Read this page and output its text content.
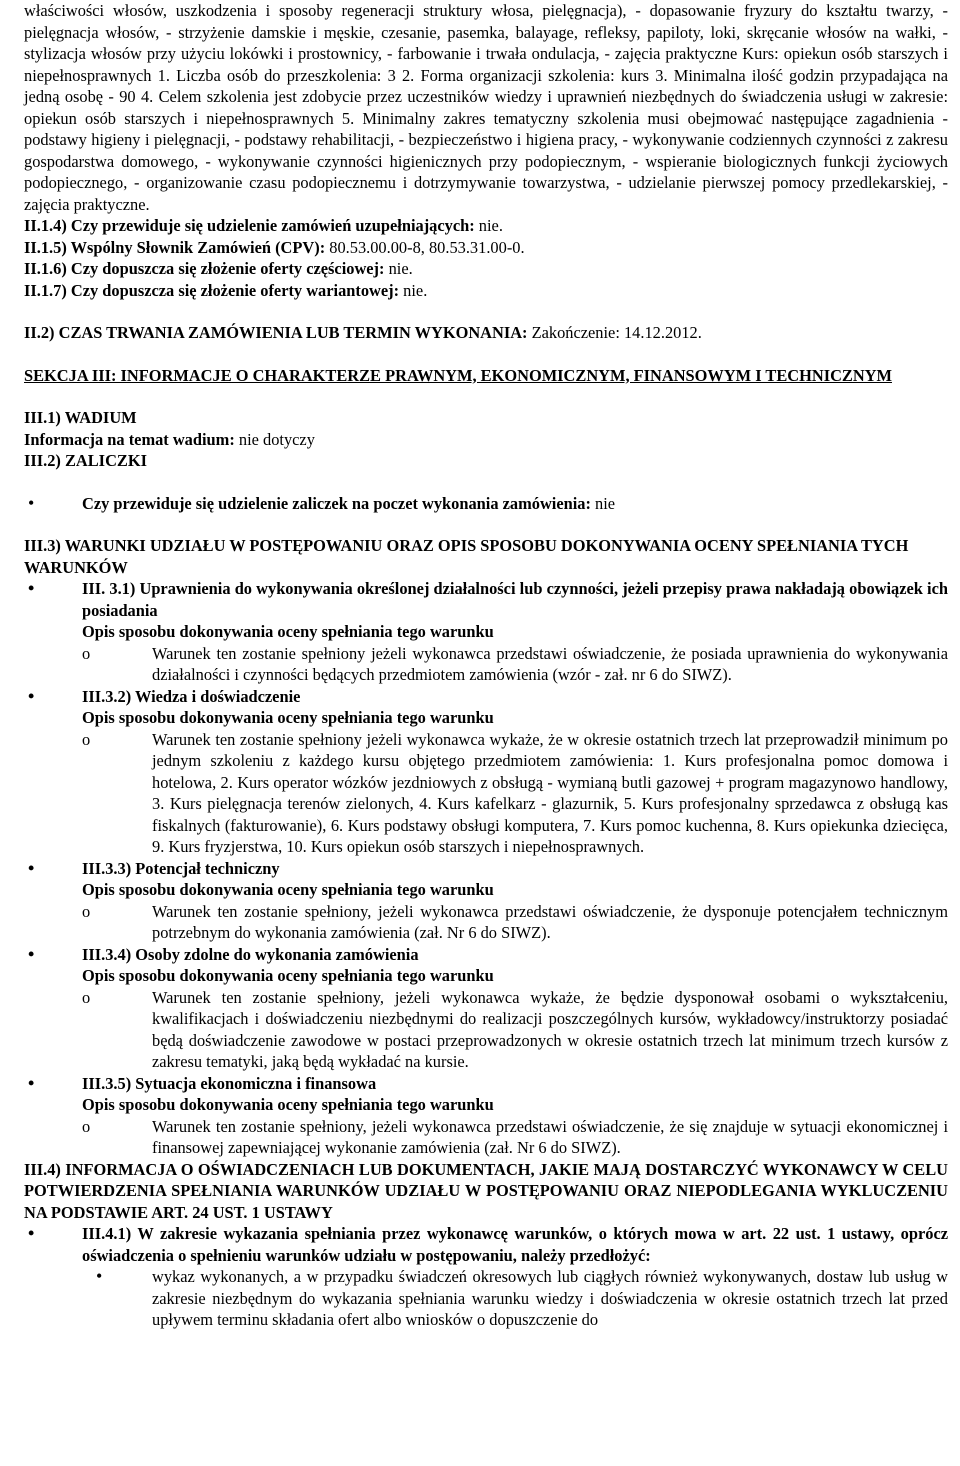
właściwości włosów, uszkodzenia i sposoby regeneracji struktury włosa, pielęgnacja), - dopasowanie fryzury do kształtu twarzy, - pielęgnacja włosów, - strzyżenie damskie i męskie, czesanie, pasemka, balayage, refleksy, papiloty, loki, skręcanie włosów na wałki, - stylizacja włosów przy użyciu lokówki i prostownicy, - farbowanie i trwała ondulacja, - zajęcia praktyczne Kurs: opiekun osób starszych i niepełnosprawnych 1. Liczba osób do przeszkolenia: 3 2. Forma organizacji szkolenia: kurs 3. Minimalna ilość godzin przypadająca na jedną osobę - 90 4. Celem szkolenia jest zdobycie przez uczestników wiedzy i uprawnień niezbędnych do świadczenia usługi w zakresie: opiekun osób starszych i niepełnosprawnych 5. Minimalny zakres tematyczny szkolenia musi obejmować następujące zagadnienia - podstawy higieny i pielęgnacji, - podstawy rehabilitacji, - bezpieczeństwo i higiena pracy, - wykonywanie codziennych czynności z zakresu gospodarstwa domowego, - wykonywanie czynności higienicznych przy podopiecznym, - wspieranie biologicznych funkcji życiowych podopiecznego, - organizowanie czasu podopiecznemu i dotrzymywanie towarzystwa, - udzielanie pierwszej pomocy przedlekarskiej, - zajęcia praktyczne.

II.1.4) Czy przewiduje się udzielenie zamówień uzupełniających: nie.

II.1.5) Wspólny Słownik Zamówień (CPV): 80.53.00.00-8, 80.53.31.00-0.

II.1.6) Czy dopuszcza się złożenie oferty częściowej: nie.

II.1.7) Czy dopuszcza się złożenie oferty wariantowej: nie.

II.2) CZAS TRWANIA ZAMÓWIENIA LUB TERMIN WYKONANIA: Zakończenie: 14.12.2012.

SEKCJA III: INFORMACJE O CHARAKTERZE PRAWNYM, EKONOMICZNYM, FINANSOWYM I TECHNICZNYM

III.1) WADIUM

Informacja na temat wadium: nie dotyczy

III.2) ZALICZKI

• Czy przewiduje się udzielenie zaliczek na poczet wykonania zamówienia: nie

III.3) WARUNKI UDZIAŁU W POSTĘPOWANIU ORAZ OPIS SPOSOBU DOKONYWANIA OCENY SPEŁNIANIA TYCH WARUNKÓW

• III. 3.1) Uprawnienia do wykonywania określonej działalności lub czynności, jeżeli przepisy prawa nakładają obowiązek ich posiadania

Opis sposobu dokonywania oceny spełniania tego warunku

o	Warunek ten zostanie spełniony jeżeli wykonawca przedstawi oświadczenie, że posiada uprawnienia do wykonywania działalności i czynności będących przedmiotem zamówienia (wzór - zał. nr 6 do SIWZ).

• III.3.2) Wiedza i doświadczenie

Opis sposobu dokonywania oceny spełniania tego warunku

o	Warunek ten zostanie spełniony jeżeli wykonawca wykaże, że w okresie ostatnich trzech lat przeprowadził minimum po jednym szkoleniu z każdego kursu objętego przedmiotem zamówienia: 1. Kurs profesjonalna pomoc domowa i hotelowa, 2. Kurs operator wózków jezdniowych z obsługą - wymianą butli gazowej + program magazynowo handlowy, 3. Kurs pielęgnacja terenów zielonych, 4. Kurs kafelkarz - glazurnik, 5. Kurs profesjonalny sprzedawca z obsługą kas fiskalnych (fakturowanie), 6. Kurs podstawy obsługi komputera, 7. Kurs pomoc kuchenna, 8. Kurs opiekunka dziecięca, 9. Kurs fryzjerstwa, 10. Kurs opiekun osób starszych i niepełnosprawnych.

• III.3.3) Potencjał techniczny

Opis sposobu dokonywania oceny spełniania tego warunku

o	Warunek ten zostanie spełniony, jeżeli wykonawca przedstawi oświadczenie, że dysponuje potencjałem technicznym potrzebnym do wykonania zamówienia (zał. Nr 6 do SIWZ).

• III.3.4) Osoby zdolne do wykonania zamówienia

Opis sposobu dokonywania oceny spełniania tego warunku

o	Warunek ten zostanie spełniony, jeżeli wykonawca wykaże, że będzie dysponował osobami o wykształceniu, kwalifikacjach i doświadczeniu niezbędnymi do realizacji poszczególnych kursów, wykładowcy/instruktorzy posiadać będą doświadczenie zawodowe w postaci przeprowadzonych w okresie ostatnich trzech lat minimum trzech kursów z zakresu tematyki, jaką będą wykładać na kursie.

• III.3.5) Sytuacja ekonomiczna i finansowa

Opis sposobu dokonywania oceny spełniania tego warunku

o	Warunek ten zostanie spełniony, jeżeli wykonawca przedstawi oświadczenie, że się znajduje w sytuacji ekonomicznej i finansowej zapewniającej wykonanie zamówienia (zał. Nr 6 do SIWZ).

III.4) INFORMACJA O OŚWIADCZENIACH LUB DOKUMENTACH, JAKIE MAJĄ DOSTARCZYĆ WYKONAWCY W CELU POTWIERDZENIA SPEŁNIANIA WARUNKÓW UDZIAŁU W POSTĘPOWANIU ORAZ NIEPODLEGANIA WYKLUCZENIU NA PODSTAWIE ART. 24 UST. 1 USTAWY

• III.4.1) W zakresie wykazania spełniania przez wykonawcę warunków, o których mowa w art. 22 ust. 1 ustawy, oprócz oświadczenia o spełnieniu warunków udziału w postępowaniu, należy przedłożyć:

• wykaz wykonanych, a w przypadku świadczeń okresowych lub ciągłych również wykonywanych, dostaw lub usług w zakresie niezbędnym do wykazania spełniania warunku wiedzy i doświadczenia w okresie ostatnich trzech lat przed upływem terminu składania ofert albo wniosków o dopuszczenie do
